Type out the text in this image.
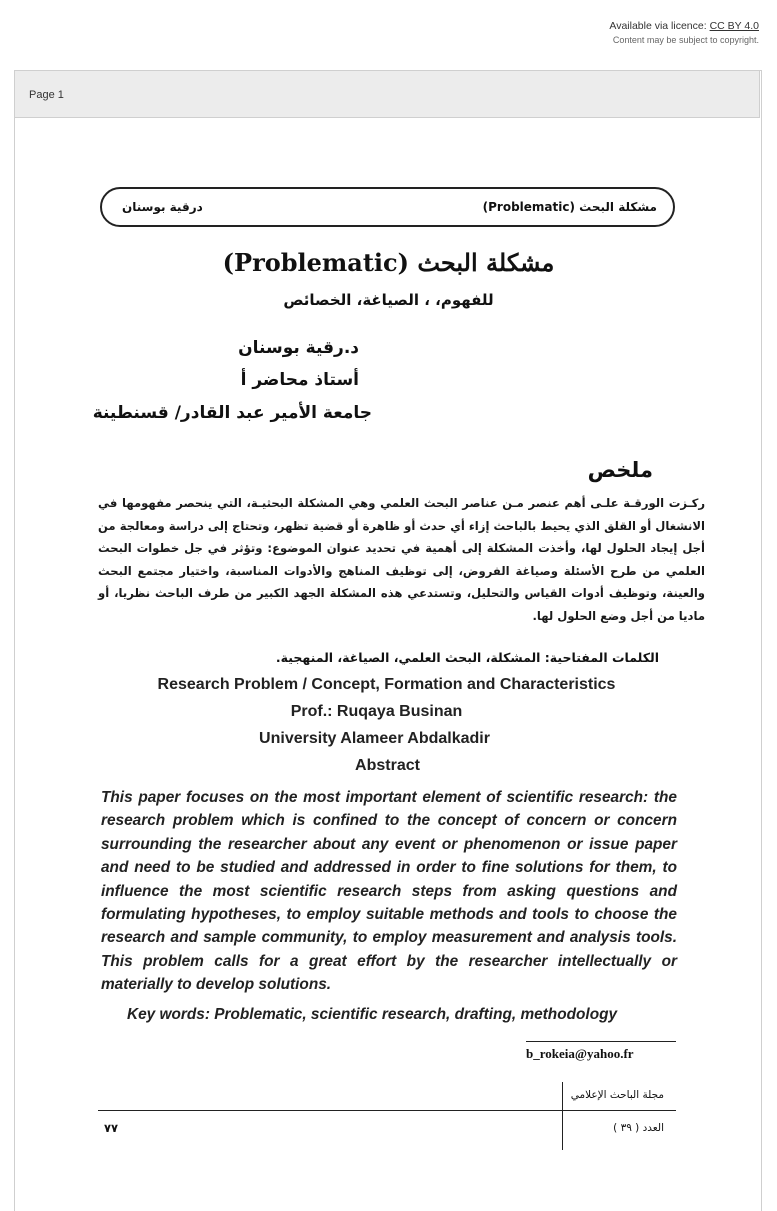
Available via licence: CC BY 4.0
Content may be subject to copyright.
Page 1
مشكلة البحث (Problematic)
درقية بوسنان
مشكلة البحث (Problematic)
للفهوم، ، الصياغة، الخصائص
د.رقية بوسنان
أستاذ محاضر أ
جامعة الأمير عبد القادر/ قسنطينة
ملخص
ركـزت الورقـة علـى أهم عنصر مـن عناصر البحث العلمي وهي المشكلة البحثيـة، التي ينحصر مفهومها في الانشغال أو القلق الذي يحيط بالباحث إزاء أي حدث أو ظاهرة أو قضية تظهر، وتحتاج إلى دراسة ومعالجة من أجل إيجاد الحلول لها، وأخذت المشكلة إلى أهمية في تحديد عنوان الموضوع: وتؤثر في جل خطوات البحث العلمي من طرح الأسئلة وصياغة الفروض، إلى توظيف المناهج والأدوات المناسبة، واختيار مجتمع البحث والعينة، وتوظيف أدوات القياس والتحليل، وتستدعي هذه المشكلة الجهد الكبير من طرف الباحث نظريا، أو ماديا من أجل وضع الحلول لها.
الكلمات المفتاحية: المشكلة، البحث العلمي، الصياغة، المنهجية.
Research Problem / Concept, Formation and Characteristics
Prof.: Ruqaya Businan
University Alameer Abdalkadir
Abstract
This paper focuses on the most important element of scientific research: the research problem which is confined to the concept of concern or concern surrounding the researcher about any event or phenomenon or issue paper and need to be studied and addressed in order to fine solutions for them, to influence the most scientific research steps from asking questions and formulating hypotheses, to employ suitable methods and tools to choose the research and sample community, to employ measurement and analysis tools. This problem calls for a great effort by the researcher intellectually or materially to develop solutions.
Key words: Problematic, scientific research, drafting, methodology
b_rokeia@yahoo.fr
مجلة الباحث الإعلامي
العدد ( ٣٩ )
٧٧
